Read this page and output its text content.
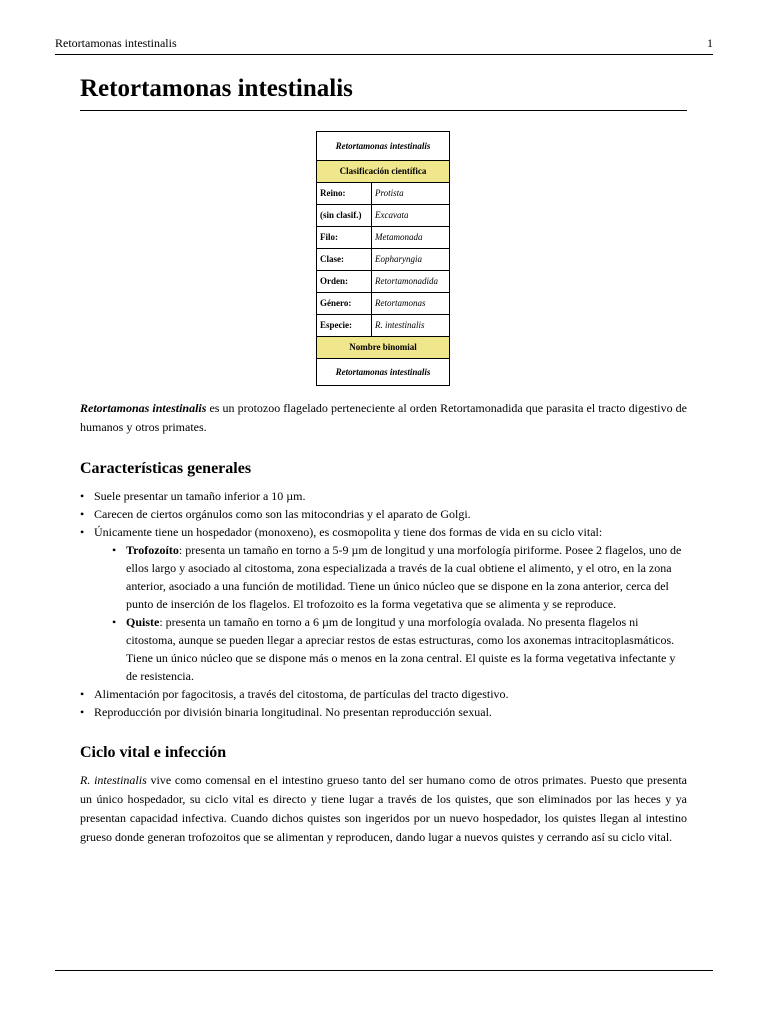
Retortamonas intestinalis	1
Retortamonas intestinalis
Retortamonas intestinalis	
Clasificación científica	
Reino:	Protista
(sin clasif.)	Excavata
Filo:	Metamonada
Clase:	Eopharyngia
Orden:	Retortamonadida
Género:	Retortamonas
Especie:	R. intestinalis
Nombre binomial	
Retortamonas intestinalis	

Retortamonas intestinalis es un protozoo flagelado perteneciente al orden Retortamonadida que parasita el tracto digestivo de humanos y otros primates.

Características generales
• Suele presentar un tamaño inferior a 10 µm.
• Carecen de ciertos orgánulos como son las mitocondrias y el aparato de Golgi.
• Únicamente tiene un hospedador (monoxeno), es cosmopolita y tiene dos formas de vida en su ciclo vital:
• Trofozoíto: presenta un tamaño en torno a 5-9 µm de longitud y una morfología piriforme. Posee 2 flagelos, uno de ellos largo y asociado al citostoma, zona especializada a través de la cual obtiene el alimento, y el otro, en la zona anterior, asociado a una función de motilidad. Tiene un único núcleo que se dispone en la zona anterior, cerca del punto de inserción de los flagelos. El trofozoito es la forma vegetativa que se alimenta y se reproduce.
• Quiste: presenta un tamaño en torno a 6 µm de longitud y una morfología ovalada. No presenta flagelos ni citostoma, aunque se pueden llegar a apreciar restos de estas estructuras, como los axonemas intracitoplasmáticos. Tiene un único núcleo que se dispone más o menos en la zona central. El quiste es la forma vegetativa infectante y de resistencia.
• Alimentación por fagocitosis, a través del citostoma, de partículas del tracto digestivo.
• Reproducción por división binaria longitudinal. No presentan reproducción sexual.
Ciclo vital e infección

R. intestinalis vive como comensal en el intestino grueso tanto del ser humano como de otros primates. Puesto que presenta un único hospedador, su ciclo vital es directo y tiene lugar a través de los quistes, que son eliminados por las heces y ya presentan capacidad infectiva. Cuando dichos quistes son ingeridos por un nuevo hospedador, los quistes llegan al intestino grueso donde generan trofozoitos que se alimentan y reproducen, dando lugar a nuevos quistes y cerrando así su ciclo vital.
